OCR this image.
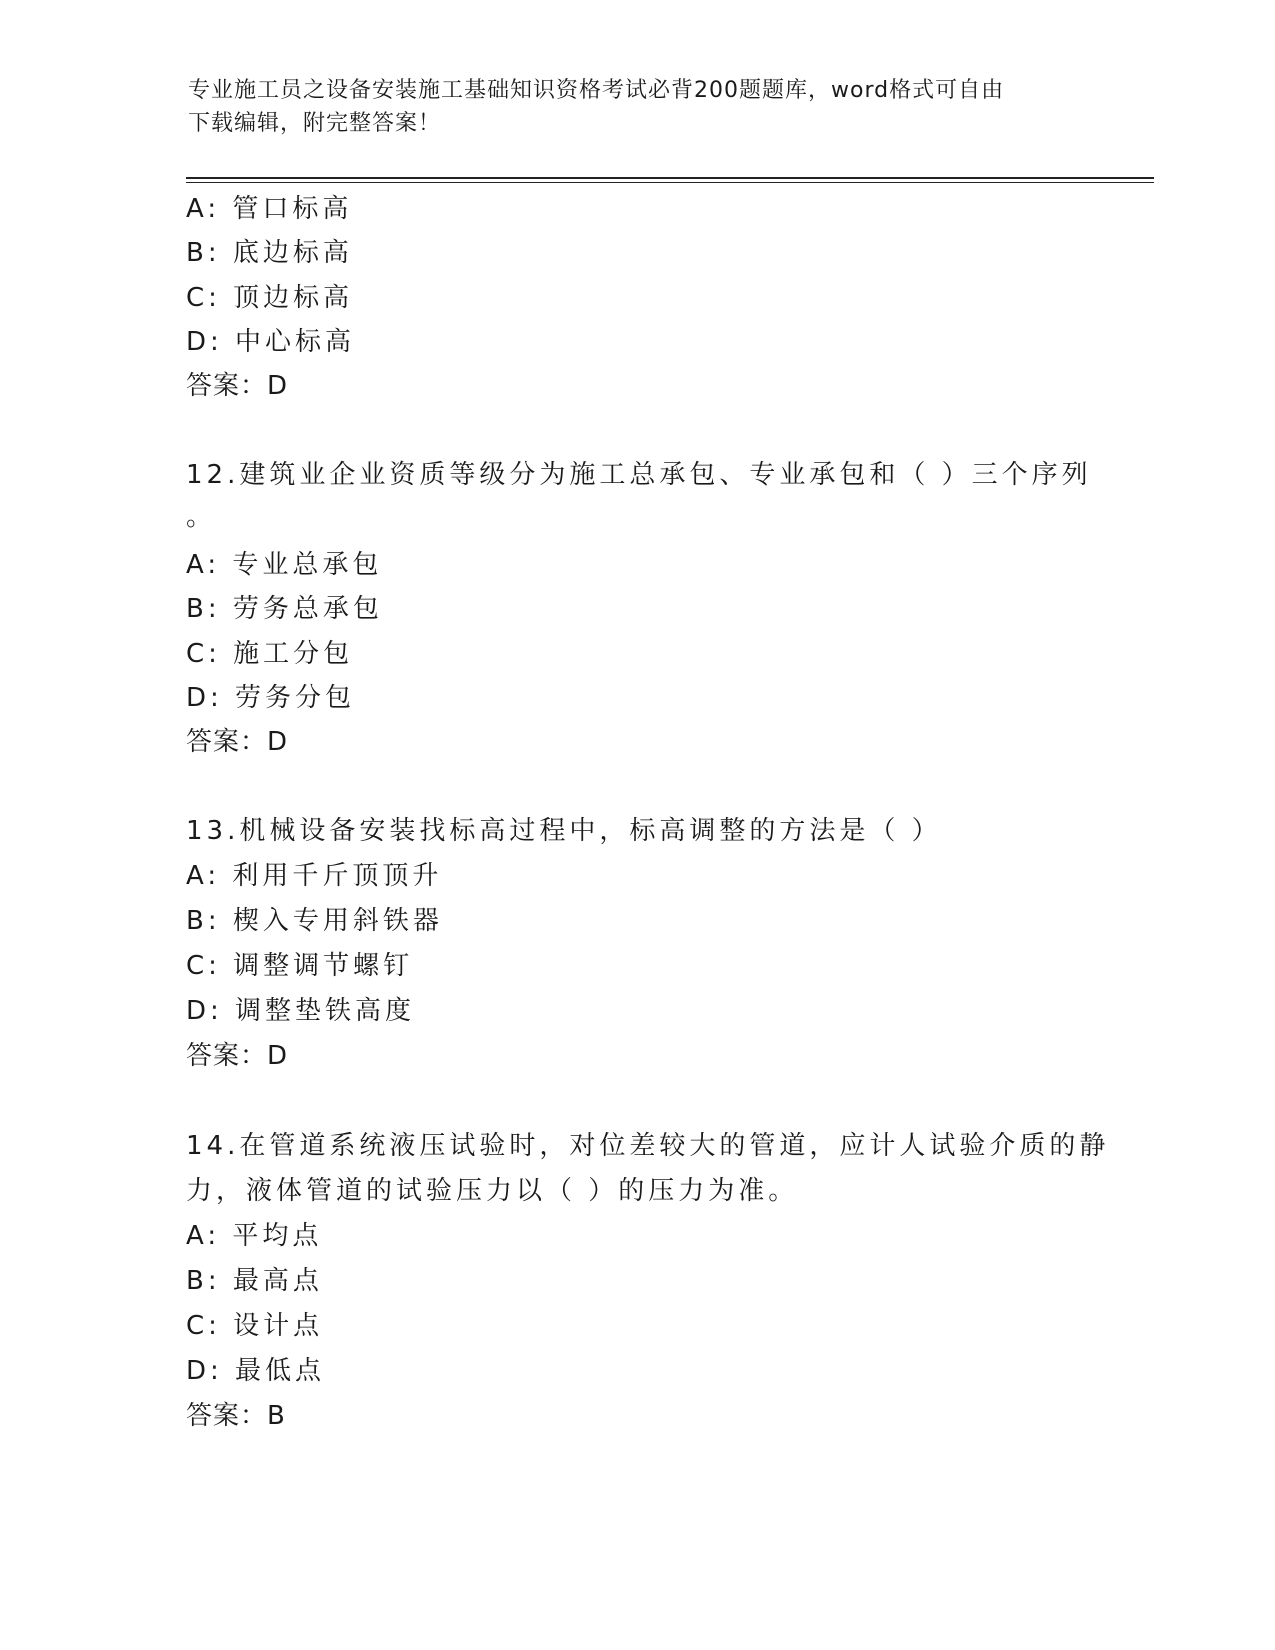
专业施工员之设备安装施工基础知识资格考试必背200题题库，word格式可自由
下载编辑，附完整答案！
A: 管口标高
B: 底边标高
C: 顶边标高
D: 中心标高
答案：D
12.建筑业企业资质等级分为施工总承包、专业承包和（ ）三个序列
。
A: 专业总承包
B: 劳务总承包
C: 施工分包
D: 劳务分包
答案：D
13.机械设备安装找标高过程中，标高调整的方法是（ ）
A: 利用千斤顶顶升
B: 楔入专用斜铁器
C: 调整调节螺钉
D: 调整垫铁高度
答案：D
14.在管道系统液压试验时，对位差较大的管道，应计人试验介质的静
力，液体管道的试验压力以（ ）的压力为准。
A: 平均点
B: 最高点
C: 设计点
D: 最低点
答案：B
